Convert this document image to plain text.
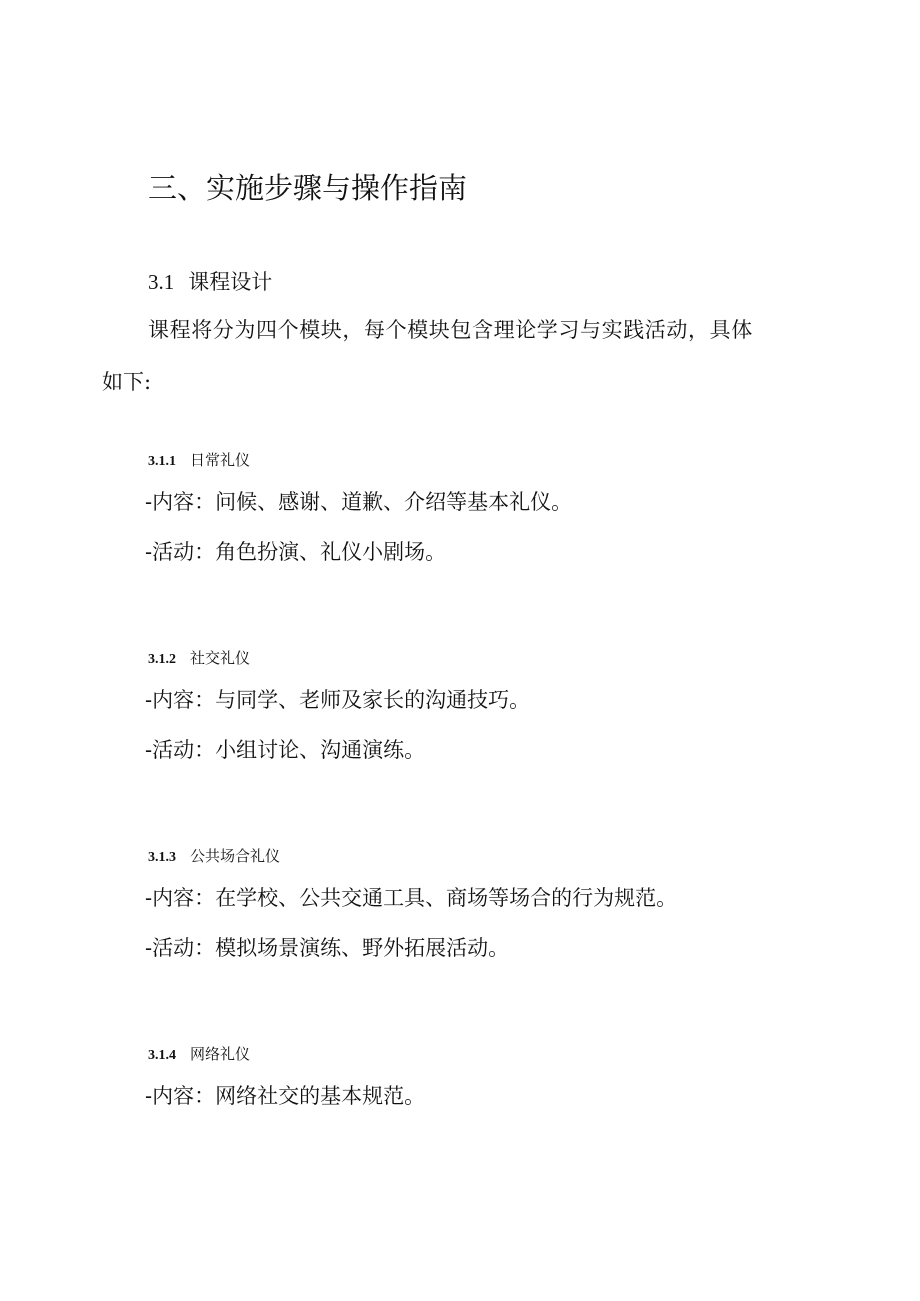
三、实施步骤与操作指南
3.1 课程设计
课程将分为四个模块，每个模块包含理论学习与实践活动，具体
如下:
3.1.1 日常礼仪
-内容：问候、感谢、道歉、介绍等基本礼仪。
-活动：角色扮演、礼仪小剧场。
3.1.2 社交礼仪
-内容：与同学、老师及家长的沟通技巧。
-活动：小组讨论、沟通演练。
3.1.3 公共场合礼仪
-内容：在学校、公共交通工具、商场等场合的行为规范。
-活动：模拟场景演练、野外拓展活动。
3.1.4 网络礼仪
-内容：网络社交的基本规范。
